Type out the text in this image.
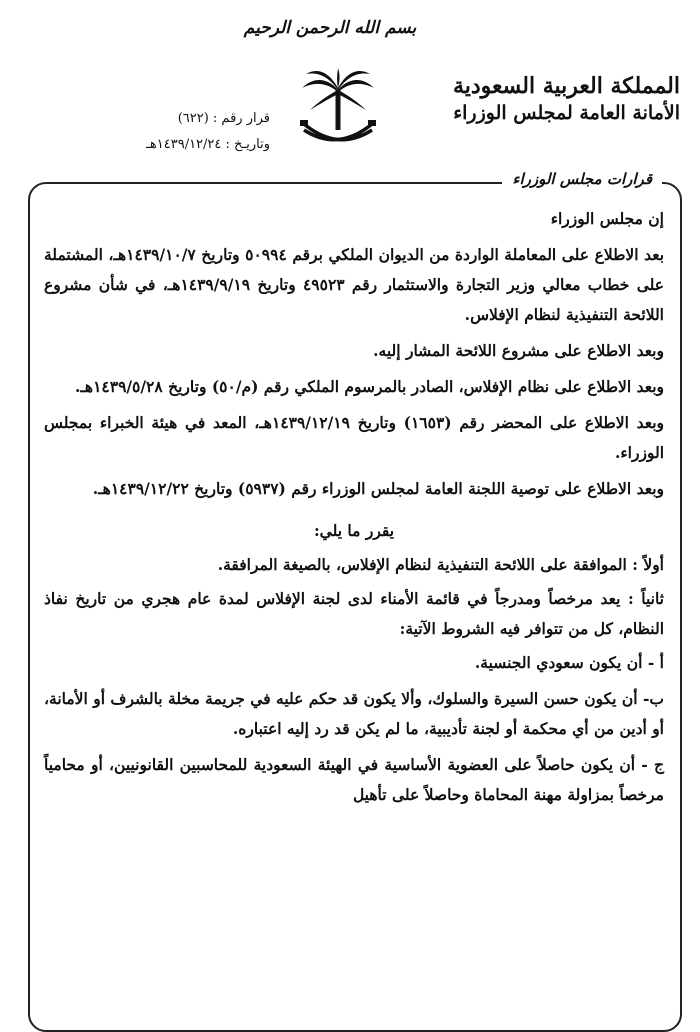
بسم الله الرحمن الرحيم
المملكة العربية السعودية
الأمانة العامة لمجلس الوزراء
قرار رقم : (٦٢٢)
وتاريـخ : ١٤٣٩/١٢/٢٤هـ
قرارات مجلس الوزراء

إن مجلس الوزراء

بعد الاطلاع على المعاملة الواردة من الديوان الملكي برقم ٥٠٩٩٤ وتاريخ ١٤٣٩/١٠/٧هـ، المشتملة على خطاب معالي وزير التجارة والاستثمار رقم ٤٩٥٢٣ وتاريخ ١٤٣٩/٩/١٩هـ، في شأن مشروع اللائحة التنفيذية لنظام الإفلاس.

وبعد الاطلاع على مشروع اللائحة المشار إليه.

وبعد الاطلاع على نظام الإفلاس، الصادر بالمرسوم الملكي رقم (م/٥٠) وتاريخ ١٤٣٩/٥/٢٨هـ.

وبعد الاطلاع على المحضر رقم (١٦٥٣) وتاريخ ١٤٣٩/١٢/١٩هـ، المعد في هيئة الخبراء بمجلس الوزراء.

وبعد الاطلاع على توصية اللجنة العامة لمجلس الوزراء رقم (٥٩٣٧) وتاريخ ١٤٣٩/١٢/٢٢هـ.

يقرر ما يلي:

أولاً : الموافقة على اللائحة التنفيذية لنظام الإفلاس، بالصيغة المرافقة.

ثانياً : يعد مرخصاً ومدرجاً في قائمة الأمناء لدى لجنة الإفلاس لمدة عام هجري من تاريخ نفاذ النظام، كل من تتوافر فيه الشروط الآتية:

أ - أن يكون سعودي الجنسية.

ب- أن يكون حسن السيرة والسلوك، وألا يكون قد حكم عليه في جريمة مخلة بالشرف أو الأمانة، أو أدين من أي محكمة أو لجنة تأديبية، ما لم يكن قد رد إليه اعتباره.

ج - أن يكون حاصلاً على العضوية الأساسية في الهيئة السعودية للمحاسبين القانونيين، أو محامياً مرخصاً بمزاولة مهنة المحاماة وحاصلاً على تأهيل
